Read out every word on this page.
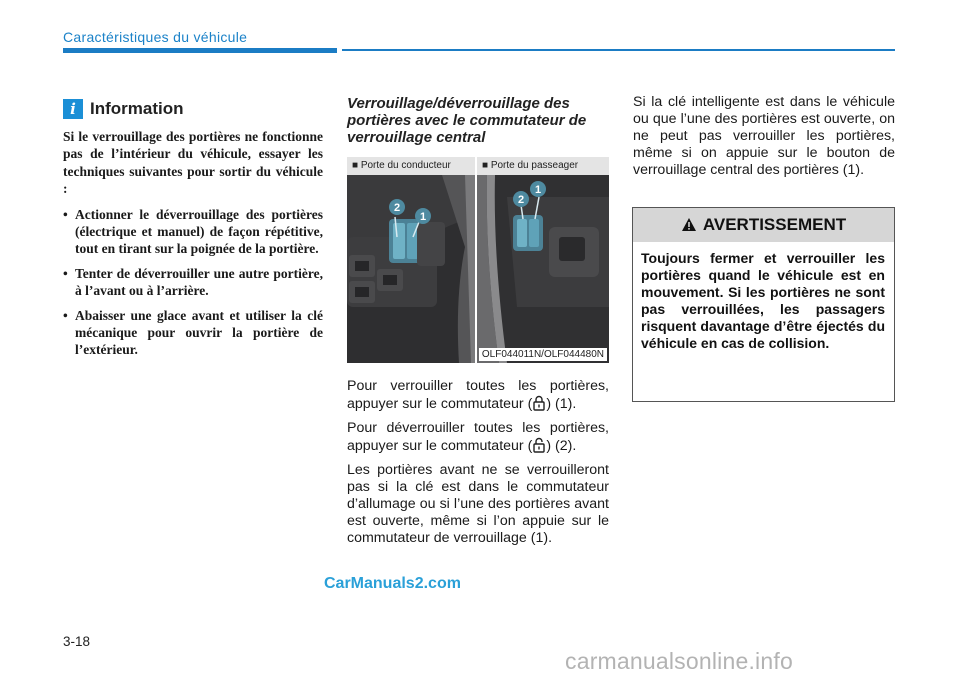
Caractéristiques du véhicule
i Information

Si le verrouillage des portières ne fonctionne pas de l’intérieur du véhicule, essayer les techniques suivantes pour sortir du véhicule :

• Actionner le déverrouillage des portières (électrique et manuel) de façon répétitive, tout en tirant sur la poignée de la portière.
• Tenter de déverrouiller une autre portière, à l’avant ou à l’arrière.
• Abaisser une glace avant et utiliser la clé mécanique pour ouvrir la portière de l’extérieur.
Verrouillage/déverrouillage des portières avec le commutateur de verrouillage central
2
1
■ Porte du conducteur
2
1
■ Porte du passeager
OLF044011N/OLF044480N

Pour verrouiller toutes les portières, appuyer sur le commutateur ( ) (1).

Pour déverrouiller toutes les portières, appuyer sur le commutateur ( ) (2).

Les portières avant ne se verrouilleront pas si la clé est dans le commutateur d’allumage ou si l’une des portières avant est ouverte, même si l’on appuie sur le commutateur de verrouillage (1).

Si la clé intelligente est dans le véhicule ou que l’une des portières est ouverte, on ne peut pas verrouiller les portières, même si on appuie sur le bouton de verrouillage central des portières (1).

AVERTISSEMENT
Toujours fermer et verrouiller les portières quand le véhicule est en mouvement. Si les portières ne sont pas verrouillées, les passagers risquent davantage d’être éjectés du véhicule en cas de collision.
CarManuals2.com
3-18
carmanualsonline.info
